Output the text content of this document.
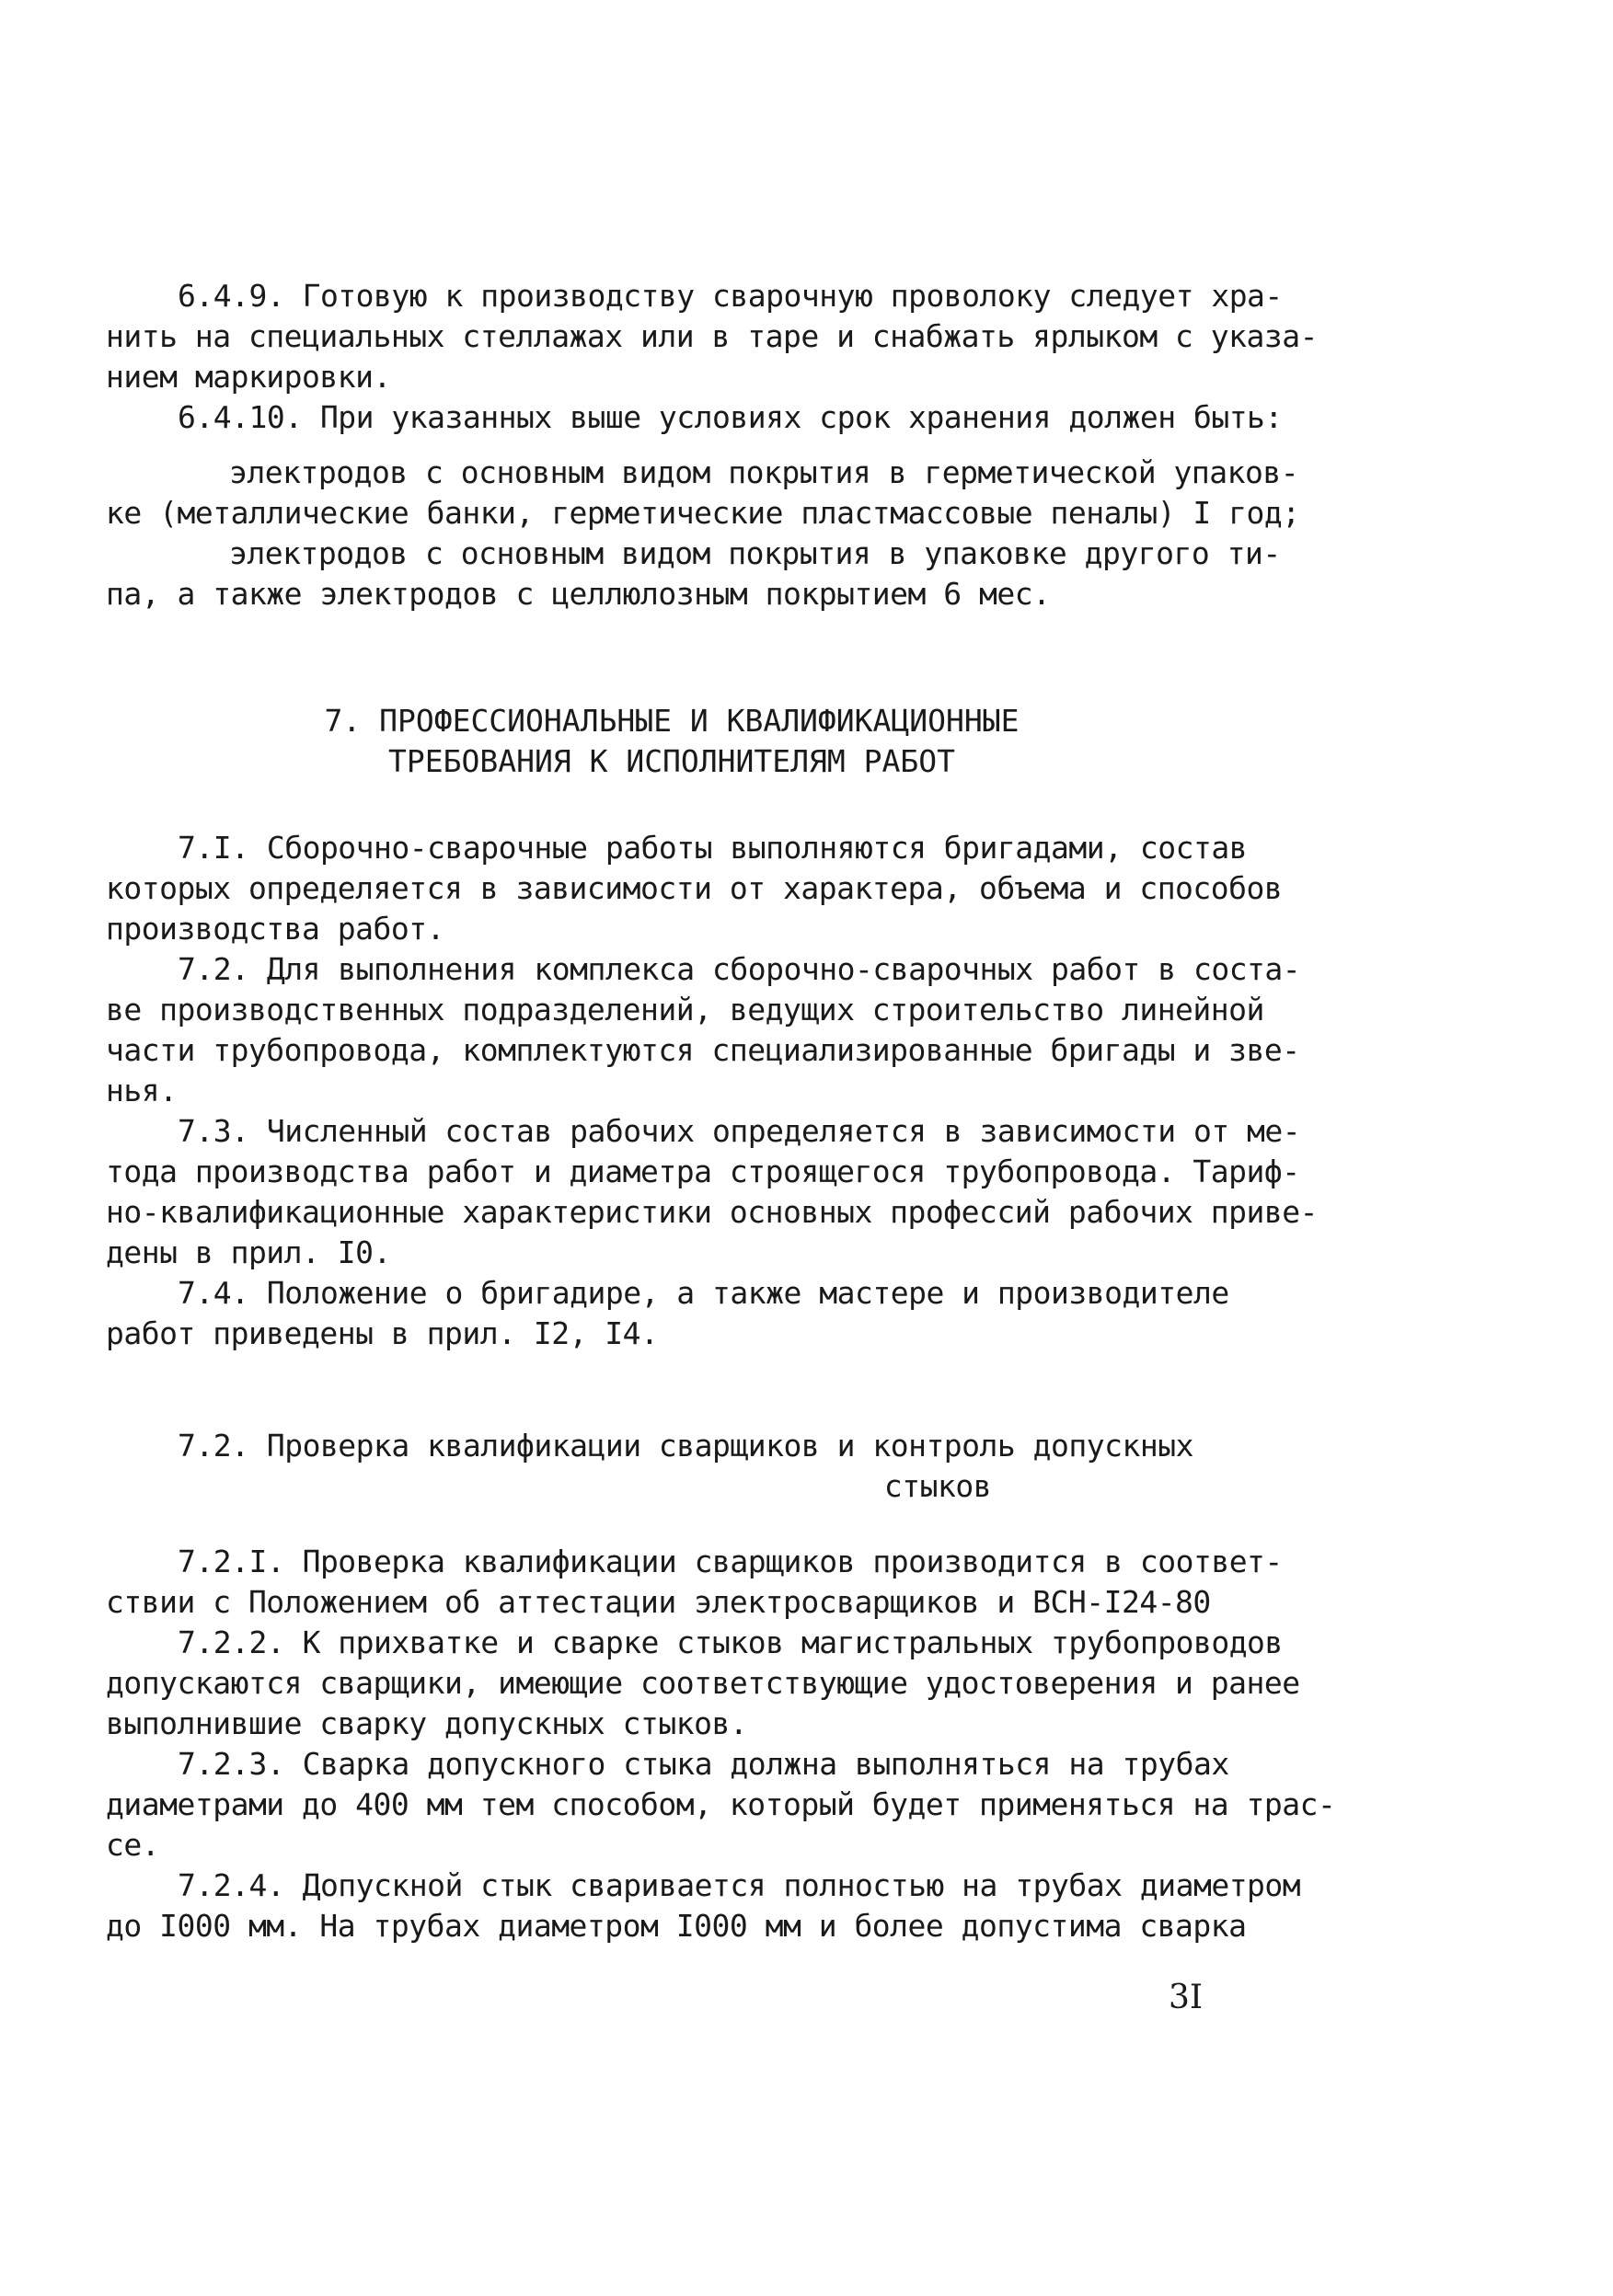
6.4.9. Готовую к производству сварочную проволоку следует хра-
нить на специальных стеллажах или в таре и снабжать ярлыком с указа-
нием маркировки.
6.4.10. При указанных выше условиях срок хранения должен быть:
электродов с основным видом покрытия в герметической упаков-
ке (металлические банки, герметические пластмассовые пеналы) I год;
электродов с основным видом покрытия в упаковке другого ти-
па, а также электродов с целлюлозным покрытием 6 мес.
7. ПРОФЕССИОНАЛЬНЫЕ И КВАЛИФИКАЦИОННЫЕ
ТРЕБОВАНИЯ К ИСПОЛНИТЕЛЯМ РАБОТ
7.I. Сборочно-сварочные работы выполняются бригадами, состав
которых определяется в зависимости от характера, объема и способов
производства работ.
7.2. Для выполнения комплекса сборочно-сварочных работ в соста-
ве производственных подразделений, ведущих строительство линейной
части трубопровода, комплектуются специализированные бригады и зве-
нья.
7.3. Численный состав рабочих определяется в зависимости от ме-
тода производства работ и диаметра строящегося трубопровода. Тариф-
но-квалификационные характеристики основных профессий рабочих приве-
дены в прил. I0.
7.4. Положение о бригадире, а также мастере и производителе
работ приведены в прил. I2, I4.
7.2. Проверка квалификации сварщиков и контроль допускных
стыков
7.2.I. Проверка квалификации сварщиков производится в соответ-
ствии с Положением об аттестации электросварщиков и ВСН-I24-80
7.2.2. К прихватке и сварке стыков магистральных трубопроводов
допускаются сварщики, имеющие соответствующие удостоверения и ранее
выполнившие сварку допускных стыков.
7.2.3. Сварка допускного стыка должна выполняться на трубах
диаметрами до 400 мм тем способом, который будет применяться на трас-
се.
7.2.4. Допускной стык сваривается полностью на трубах диаметром
до I000 мм. На трубах диаметром I000 мм и более допустима сварка
3I
